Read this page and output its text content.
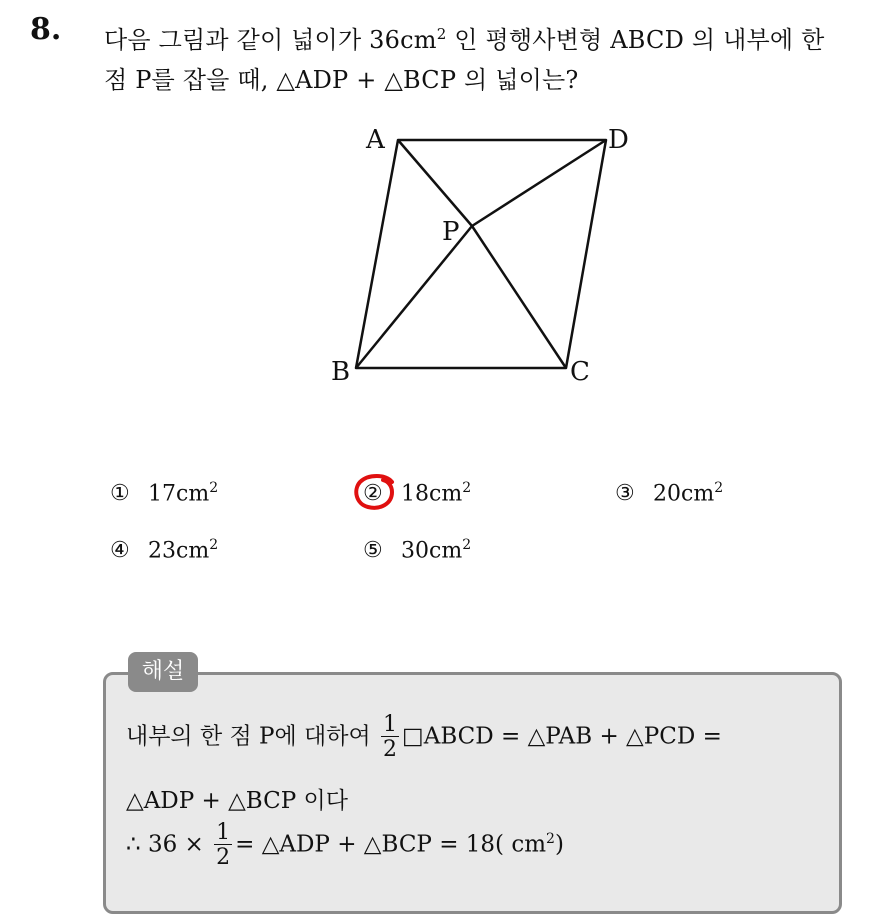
8. 다음 그림과 같이 넓이가 $36cm^2$ 인 평행사변형 ABCD 의 내부에 한
점 P를 잡을 때, △ADP + △BCP 의 넓이는?
A	D
P
B	C
① $17cm^2$	② $18cm^2$	③ $20cm^2$
④ $23cm^2$	⑤ $30cm^2$
해설
내부의 한 점 P에 대하여 $\frac{1}{2}$ □ABCD = △PAB + △PCD =
△ADP + △BCP 이다
∴ $36 \times \frac{1}{2}$ = △ADP + △BCP = 18( $cm^2$)
